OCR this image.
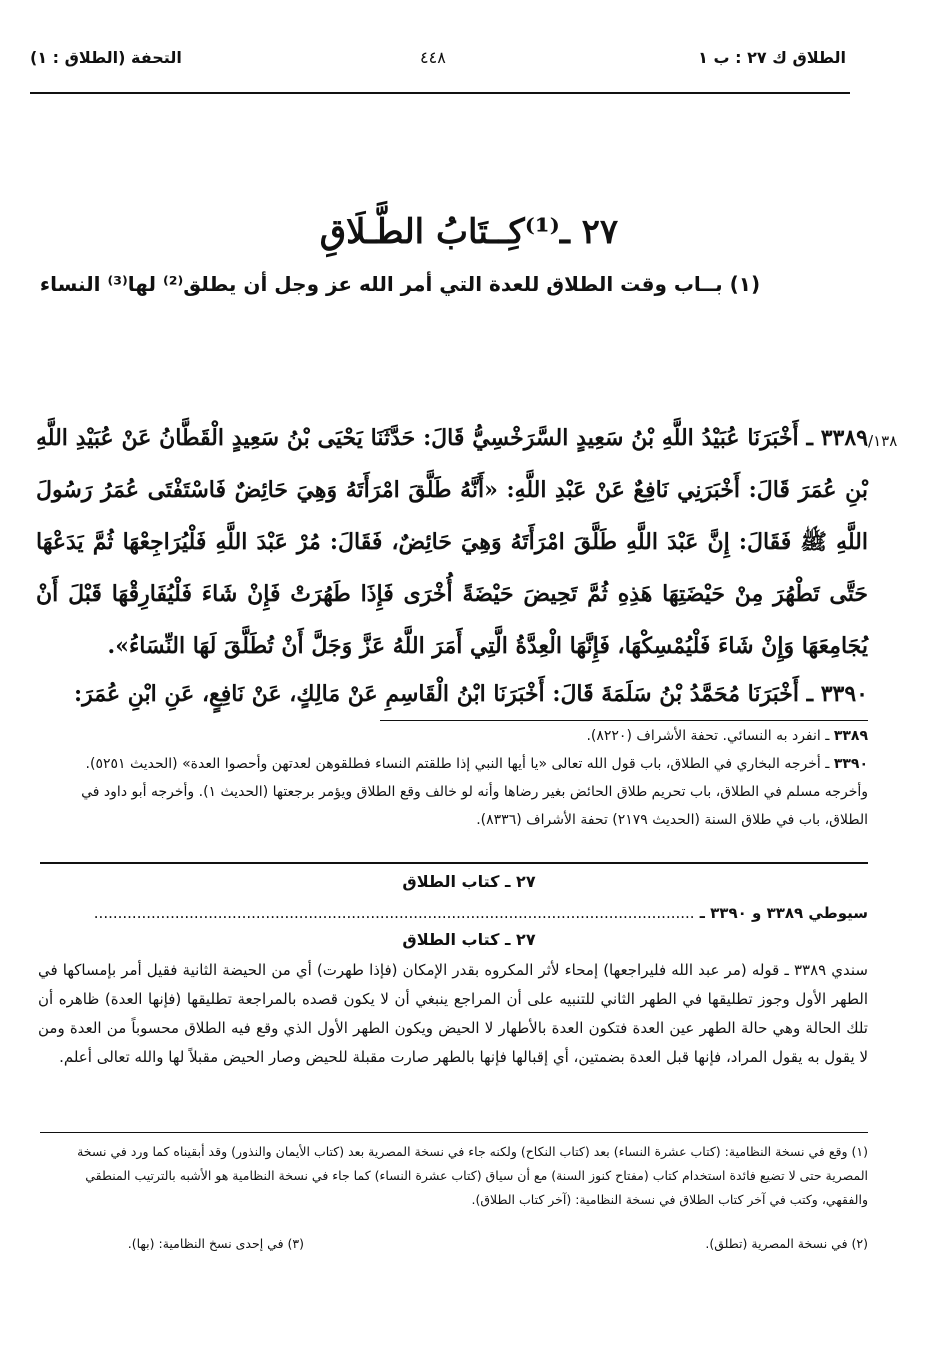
الطلاق ك ٢٧ : ب ١
٤٤٨
التحفة (الطلاق : ١)
٢٧ ـ⁽¹⁾كِــتَابُ الطَّـلَاقِ
(١) بــاب وقت الطلاق للعدة التي أمر الله عز وجل أن يطلق⁽²⁾ لها⁽³⁾ النساء
٦/١٣٨

٣٣٨٩ ـ أَخْبَرَنَا عُبَيْدُ اللَّهِ بْنُ سَعِيدٍ السَّرَخْسِيُّ قَالَ: حَدَّثَنَا يَحْيَى بْنُ سَعِيدٍ الْقَطَّانُ عَنْ عُبَيْدِ اللَّهِ بْنِ عُمَرَ قَالَ: أَخْبَرَنِي نَافِعٌ عَنْ عَبْدِ اللَّهِ: «أَنَّهُ طَلَّقَ امْرَأَتَهُ وَهِيَ حَائِضٌ فَاسْتَفْتَى عُمَرُ رَسُولَ اللَّهِ ﷺ فَقَالَ: إِنَّ عَبْدَ اللَّهِ طَلَّقَ امْرَأَتَهُ وَهِيَ حَائِضٌ، فَقَالَ: مُرْ عَبْدَ اللَّهِ فَلْيُرَاجِعْهَا ثُمَّ يَدَعْهَا حَتَّى تَطْهُرَ مِنْ حَيْضَتِهَا هَذِهِ ثُمَّ تَحِيضَ حَيْضَةً أُخْرَى فَإِذَا طَهُرَتْ فَإِنْ شَاءَ فَلْيُفَارِقْهَا قَبْلَ أَنْ يُجَامِعَهَا وَإِنْ شَاءَ فَلْيُمْسِكْهَا، فَإِنَّهَا الْعِدَّةُ الَّتِي أَمَرَ اللَّهُ عَزَّ وَجَلَّ أَنْ تُطَلَّقَ لَهَا النِّسَاءُ».

٣٣٩٠ ـ أَخْبَرَنَا مُحَمَّدُ بْنُ سَلَمَةَ قَالَ: أَخْبَرَنَا ابْنُ الْقَاسِمِ عَنْ مَالِكٍ، عَنْ نَافِعٍ، عَنِ ابْنِ عُمَرَ:

٣٣٨٩ ـ انفرد به النسائي. تحفة الأشراف (٨٢٢٠).

٣٣٩٠ ـ أخرجه البخاري في الطلاق، باب قول الله تعالى «يا أيها النبي إذا طلقتم النساء فطلقوهن لعدتهن وأحصوا العدة» (الحديث ٥٢٥١). وأخرجه مسلم في الطلاق، باب تحريم طلاق الحائض بغير رضاها وأنه لو خالف وقع الطلاق ويؤمر برجعتها (الحديث ١). وأخرجه أبو داود في الطلاق، باب في طلاق السنة (الحديث ٢١٧٩) تحفة الأشراف (٨٣٣٦).

٢٧ ـ كتاب الطلاق
سيوطي ٣٣٨٩ و ٣٣٩٠ ـ ..............................................................................................................................
٢٧ ـ كتاب الطلاق

سندي ٣٣٨٩ ـ قوله (مر عبد الله فليراجعها) إمحاء لأثر المكروه بقدر الإمكان (فإذا طهرت) أي من الحيضة الثانية فقيل أمر بإمساكها في الطهر الأول وجوز تطليقها في الطهر الثاني للتنبيه على أن المراجع ينبغي أن لا يكون قصده بالمراجعة تطليقها (فإنها العدة) ظاهره أن تلك الحالة وهي حالة الطهر عين العدة فتكون العدة بالأطهار لا الحيض ويكون الطهر الأول الذي وقع فيه الطلاق محسوباً من العدة ومن لا يقول به يقول المراد، فإنها قبل العدة بضمتين، أي إقبالها فإنها بالطهر صارت مقبلة للحيض وصار الحيض مقبلاً لها والله تعالى أعلم.

(١) وقع في نسخة النظامية: (كتاب عشرة النساء) بعد (كتاب النكاح) ولكنه جاء في نسخة المصرية بعد (كتاب الأيمان والنذور) وقد أبقيناه كما ورد في نسخة المصرية حتى لا تضيع فائدة استخدام كتاب (مفتاح كنوز السنة) مع أن سياق (كتاب عشرة النساء) كما جاء في نسخة النظامية هو الأشبه بالترتيب المنطقي والفقهي، وكتب في آخر كتاب الطلاق في نسخة النظامية: (آخر كتاب الطلاق).

(٢) في نسخة المصرية (تطلق). (٣) في إحدى نسخ النظامية: (بها).
